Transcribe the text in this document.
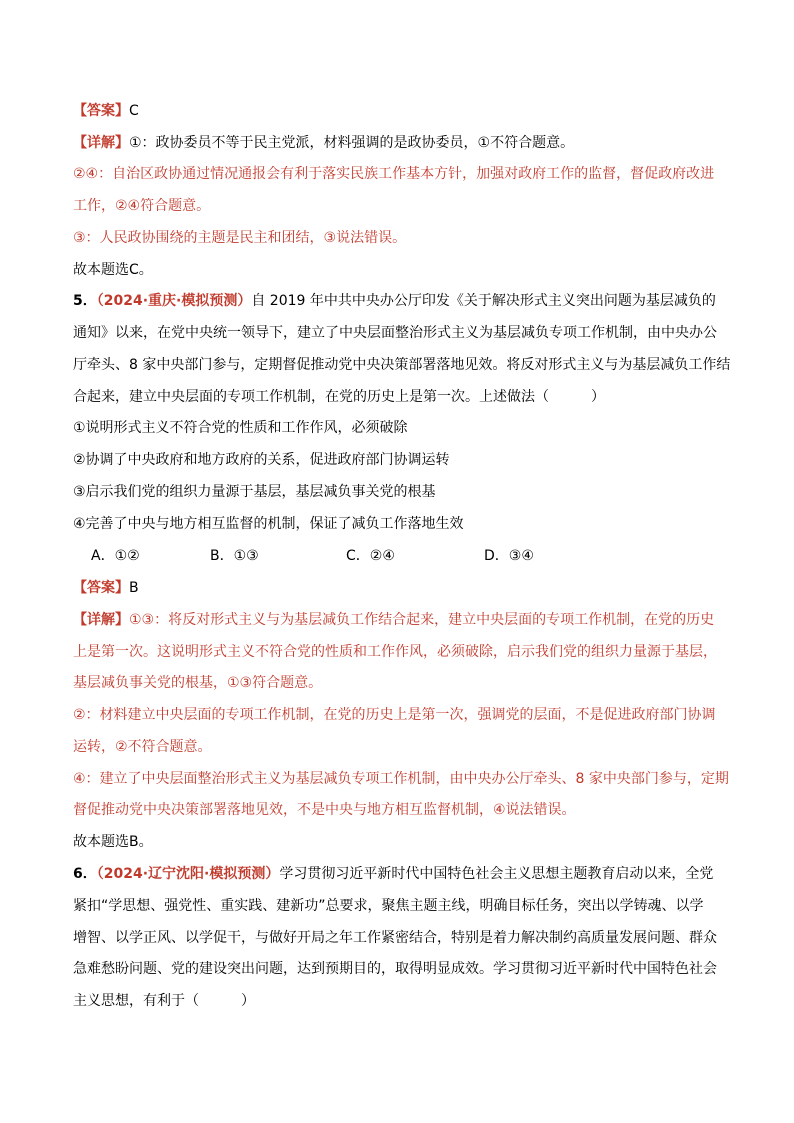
【答案】C
【详解】①：政协委员不等于民主党派，材料强调的是政协委员，①不符合题意。
②④：自治区政协通过情况通报会有利于落实民族工作基本方针，加强对政府工作的监督，督促政府改进
工作，②④符合题意。
③：人民政协围绕的主题是民主和团结，③说法错误。
故本题选C。
5．（2024·重庆·模拟预测）自 2019 年中共中央办公厅印发《关于解决形式主义突出问题为基层减负的
通知》以来，在党中央统一领导下，建立了中央层面整治形式主义为基层减负专项工作机制，由中央办公
厅牵头、8 家中央部门参与，定期督促推动党中央决策部署落地见效。将反对形式主义与为基层减负工作结
合起来，建立中央层面的专项工作机制，在党的历史上是第一次。上述做法（　　　）
①说明形式主义不符合党的性质和工作作风，必须破除
②协调了中央政府和地方政府的关系，促进政府部门协调运转
③启示我们党的组织力量源于基层，基层减负事关党的根基
④完善了中央与地方相互监督的机制，保证了减负工作落地生效
A．①②	B．①③	C．②④	D．③④
【答案】B
【详解】①③：将反对形式主义与为基层减负工作结合起来，建立中央层面的专项工作机制，在党的历史
上是第一次。这说明形式主义不符合党的性质和工作作风，必须破除，启示我们党的组织力量源于基层，
基层减负事关党的根基，①③符合题意。
②：材料建立中央层面的专项工作机制，在党的历史上是第一次，强调党的层面，不是促进政府部门协调
运转，②不符合题意。
④：建立了中央层面整治形式主义为基层减负专项工作机制，由中央办公厅牵头、8 家中央部门参与，定期
督促推动党中央决策部署落地见效，不是中央与地方相互监督机制，④说法错误。
故本题选B。
6．（2024·辽宁沈阳·模拟预测）学习贯彻习近平新时代中国特色社会主义思想主题教育启动以来，全党
紧扣“学思想、强党性、重实践、建新功”总要求，聚焦主题主线，明确目标任务，突出以学铸魂、以学
增智、以学正风、以学促干，与做好开局之年工作紧密结合，特别是着力解决制约高质量发展问题、群众
急难愁盼问题、党的建设突出问题，达到预期目的，取得明显成效。学习贯彻习近平新时代中国特色社会
主义思想，有利于（　　　）
